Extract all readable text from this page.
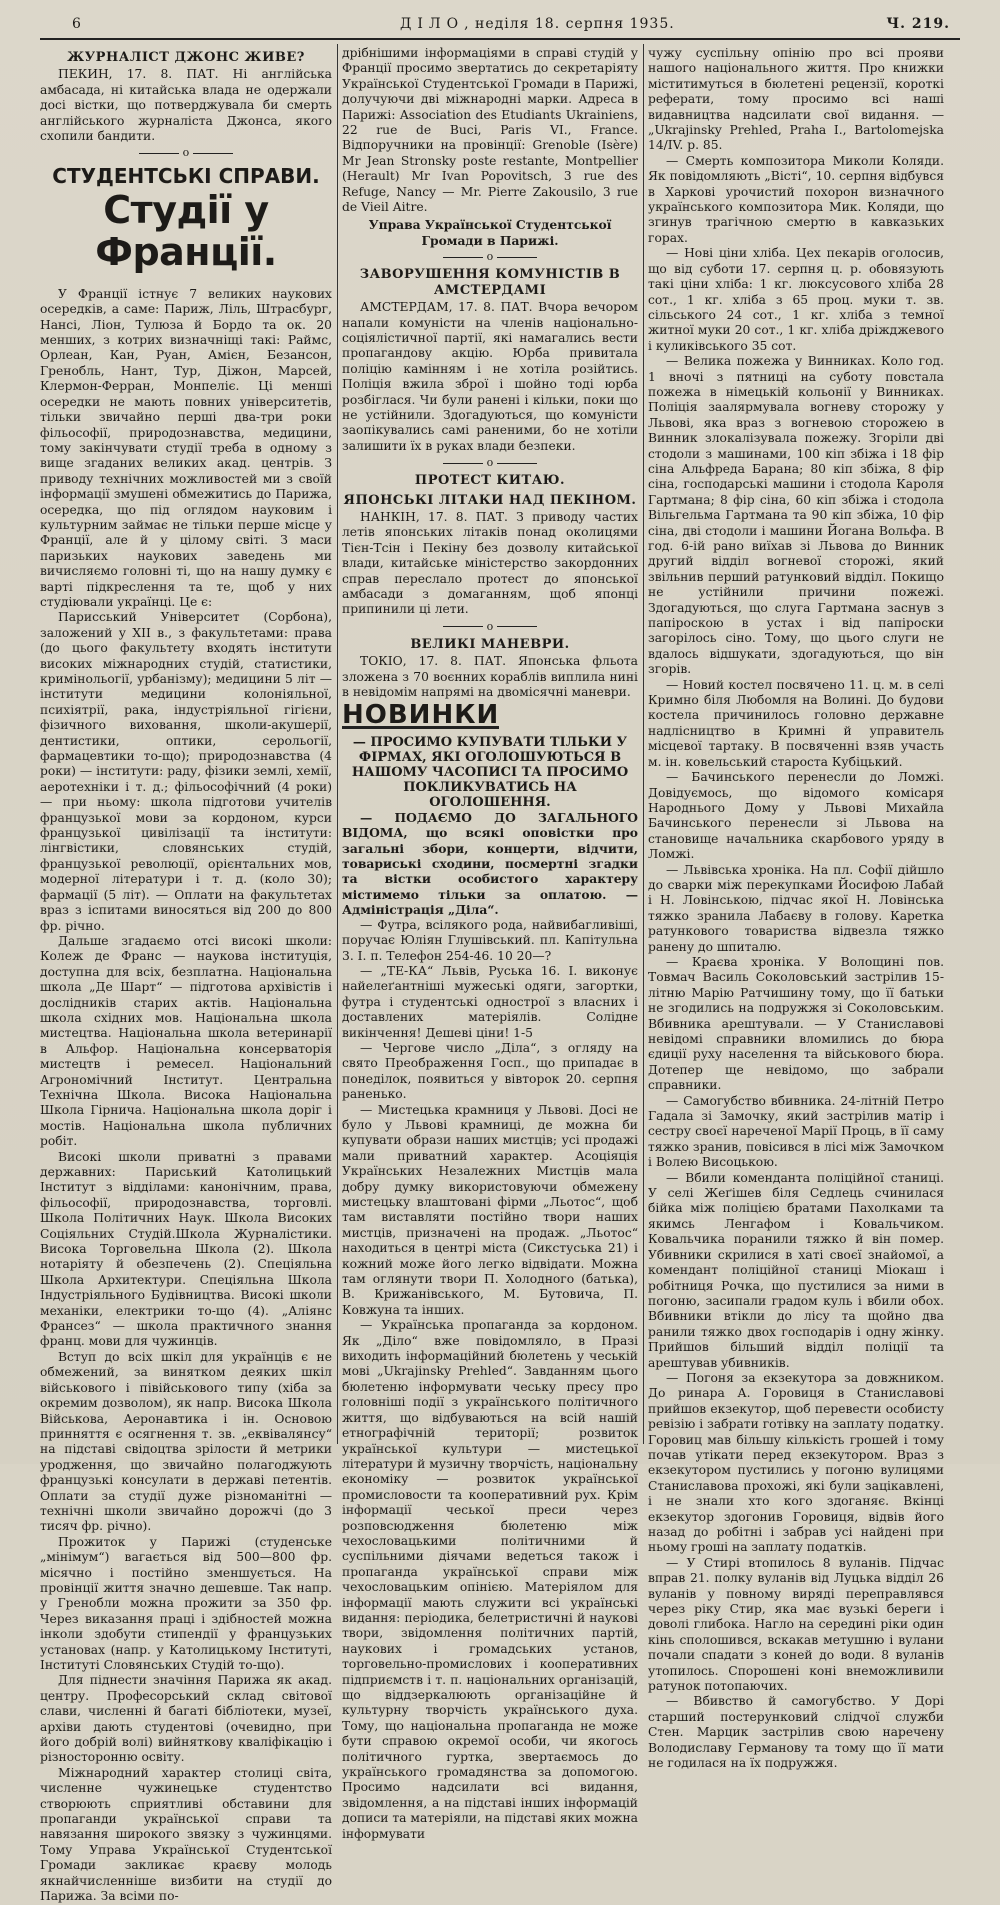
6	ДІЛО, неділя 18. серпня 1935.	Ч. 219.
ЖУРНАЛІСТ ДЖОНС ЖИВЕ?

ПЕКИН, 17. 8. ПАТ. Ні англійська амбасада, ні китайська влада не одержали досі вістки, що потверджувала би смерть англійського журналіста Джонса, якого схопили бандити.

o
СТУДЕНТСЬКІ СПРАВИ.
Студії у Франції.

У Франції істнує 7 великих наукових осередків, а саме: Париж, Ліль, Штрасбург, Нансі, Ліон, Тулюза й Бордо та ок. 20 менших, з котрих визначніщі такі: Раймс, Орлеан, Кан, Руан, Амієн, Безансон, Гренобль, Нант, Тур, Діжон, Марсей, Клермон-Ферран, Монпеліє. Ці менші осередки не мають повних університетів, тільки звичайно перші два-три роки фільософії, природознавства, медицини, тому закінчувати студії треба в одному з вище згаданих великих акад. центрів. З приводу технічних можливостей ми з своїй інформації змушені обмежитись до Парижа, осередка, що під оглядом науковим і культурним займає не тільки перше місце у Франції, але й у цілому світі. З маси паризьких наукових заведень ми вичисляємо головні ті, що на нашу думку є варті підкреслення та те, щоб у них студіювали українці. Це є:

Парисський Університет (Сорбона), заложений у XII в., з факультетами: права (до цього факультету входять інститути високих міжнародних студій, статистики, кримінольогії, урбанізму); медицини 5 літ — інститути медицини колоніяльної, психіятрії, рака, індустріяльної гігієни, фізичного виховання, школи-акушерії, дентистики, оптики, серольогії, фармацевтики то-що); природознавства (4 роки) — інститути: раду, фізики землі, хемії, аеротехніки і т. д.; фільософічний (4 роки) — при ньому: школа підготови учителів французької мови за кордоном, курси французької цивілізації та інститути: лінгвістики, словянських студій, французької революції, орієнтальних мов, модерної літератури і т. д. (коло 30); фармації (5 літ). — Оплати на факультетах враз з іспитами виносяться від 200 до 800 фр. річно.

Дальше згадаємо отсі високі школи: Колеж де Франс — наукова інституція, доступна для всіх, безплатна. Національна школа „Де Шарт“ — підготова архівістів і дослідників старих актів. Національна школа східних мов. Національна школа мистецтва. Національна школа ветеринарії в Альфор. Національна консерваторія мистецтв і ремесел. Національний Агрономічний Інститут. Центральна Технічна Школа. Висока Національна Школа Гірнича. Національна школа доріг і мостів. Національна школа публичних робіт.

Високі школи приватні з правами державних: Париський Католицький Інститут з відділами: канонічним, права, фільософії, природознавства, торговлі. Школа Політичних Наук. Школа Високих Соціяльних Студій.Школа Журналістики. Висока Торговельна Школа (2). Школа нотаріяту й обезпечень (2). Спеціяльна Школа Архитектури. Спеціяльна Школа Індустріяльного Будівництва. Високі школи механіки, електрики то-що (4). „Аліянс Франсез“ — школа практичного знання франц. мови для чужинців.

Вступ до всіх шкіл для українців є не обмежений, за винятком деяких шкіл військового і півійськового типу (хіба за окремим дозволом), як напр. Висока Школа Військова, Аеронавтика і ін. Основою принняття є осягнення т. зв. „еквівалянсу“ на підставі свідоцтва зрілости й метрики уродження, що звичайно полагоджують французькі консулати в державі петентів. Оплати за студії дуже різноманітні — технічні школи звичайно дорожчі (до 3 тисяч фр. річно).

Прожиток у Парижі (студенське „мінімум“) вагається від 500—800 фр. місячно і постійно зменшується. На провінції життя значно дешевше. Так напр. у Гренобли можна прожити за 350 фр. Через виказання праці і здібностей можна інколи здобути стипендії у французьких установах (напр. у Католицькому Інституті, Інституті Словянських Студій то-що).

Для піднести значіння Парижа як акад. центру. Професорський склад світової слави, численні й багаті бібліотеки, музеї, архіви дають студентові (очевидно, при його добрій волі) вийняткову кваліфікацію і різносторонню освіту.

Міжнародний характер столиці світа, численне чужинецьке студентство створюють сприятливі обставини для пропаганди української справи та навязання широкого звязку з чужинцями. Тому Управа Української Студентської Громади закликає краєву молодь якнайчисленніше визбити на студії до Парижа. За всіми по-

дрібнішими інформаціями в справі студій у Франції просимо звертатись до секретаріяту Української Студентської Громади в Парижі, долучуючи дві міжнародні марки. Адреса в Парижі: Association des Etudiants Ukrainiens, 22 rue de Buci, Paris VI., France. Відпоручники на провінції: Grenoble (Isère) Mr Jean Stronsky poste restante, Montpellier (Herault) Mr Ivan Popovitsch, 3 rue des Refuge, Nancy — Mr. Pierre Zakousilo, 3 rue de Vieil Aitre.

Управа Української Студентської Громади в Парижі.
o
ЗАВОРУШЕННЯ КОМУНІСТІВ В АМСТЕРДАМІ

АМСТЕРДАМ, 17. 8. ПАТ. Вчора вечором напали комуністи на членів національно-соціялістичної партії, які намагались вести пропагандову акцію. Юрба привитала поліцію камінням і не хотіла розійтись. Поліція вжила зброї і шойно тоді юрба розбіглася. Чи були ранені і кільки, поки що не устійнили. Здогадуються, що комуністи заопікувались самі раненими, бо не хотіли залишити їх в руках влади безпеки.

o
ПРОТЕСТ КИТАЮ.
ЯПОНСЬКІ ЛІТАКИ НАД ПЕКІНОМ.

НАНКІН, 17. 8. ПАТ. З приводу частих летів японських літаків понад околицями Тієн-Тсін і Пекіну без дозволу китайської влади, китайське міністерство закордонних справ переслало протест до японської амбасади з домаганням, щоб японці припинили ці лети.

o
ВЕЛИКІ МАНЕВРИ.

ТОКІО, 17. 8. ПАТ. Японська фльота зложена з 70 воєнних кораблів виплила нині в невідомім напрямі на двомісячні маневри.

НОВИНКИ
— ПРОСИМО КУПУВАТИ ТІЛЬКИ У ФІРМАХ, ЯКІ ОГОЛОШУЮТЬСЯ В НАШОМУ ЧАСОПИСІ ТА ПРОСИМО ПОКЛИКУВАТИСЬ НА ОГОЛОШЕННЯ.

— ПОДАЄМО ДО ЗАГАЛЬНОГО ВІДОМА, що всякі оповістки про загальні збори, концерти, відчити, товариські сходини, посмертні згадки та вістки особистого характеру містимемо тільки за оплатою. — Адміністрація „Діла“.

— Футра, всілякого рода, найвибагливіші, поручає Юліян Глушівський. пл. Капітульна 3. І. п. Телефон 254-46. 10 20—?

— „ТЕ-КА“ Львів, Руська 16. І. виконує найелеґантніші мужеські одяги, загортки, футра і студентські однострої з власних і доставлених матеріялів. Солідне викінчення! Дешеві ціни! 1-5

— Чергове число „Діла“, з огляду на свято Преображення Госп., що припадає в понеділок, появиться у вівторок 20. серпня раненько.

— Мистецька крамниця у Львові. Досі не було у Львові крамниці, де можна би купувати образи наших мистців; усі продажі мали приватний характер. Асоціяція Українських Незалежних Мистців мала добру думку використовуючи обмежену мистецьку влаштовані фірми „Льотос“, щоб там виставляти постійно твори наших мистців, призначені на продаж. „Льотос“ находиться в центрі міста (Сикстуська 21) і кожний може його легко відвідати. Можна там оглянути твори П. Холодного (батька), В. Крижанівського, М. Бутовича, П. Ковжуна та інших.

— Українська пропаганда за кордоном. Як „Діло“ вже повідомляло, в Празі виходить інформаційний бюлетень у чеській мові „Ukrajinsky Prehled“. Завданням цього бюлетеню інформувати чеську пресу про головніші події з українського політичного життя, що відбуваються на всій нашій етнографічній території; розвиток української культури — мистецької літератури й музичну творчість, національну економіку — розвиток української промисловости та кооперативний рух. Крім інформації чеської преси через розповсюдження бюлетеню між чехословацькими політичними й суспільними діячами ведеться також і пропаганда української справи між чехословацьким опінією. Матеріялом для інформації мають служити всі українські видання: періодика, белетристичні й наукові твори, звідомлення політичних партій, наукових і громадських установ, торговельно-промислових і кооперативних підприємств і т. п. національних організацій, що віддзеркалюють організаційне й культурну творчість українського духа. Тому, що національна пропаганда не може бути справою окремої особи, чи якогось політичного гуртка, звертаємось до українського громадянства за допомогою. Просимо надсилати всі видання, звідомлення, а на підставі інших інформацій дописи та матеріяли, на підставі яких можна інформувати

чужу суспільну опінію про всі прояви нашого національного життя. Про книжки міститимуться в бюлетені рецензії, короткі реферати, тому просимо всі наші видавництва надсилати свої видання. — „Ukrajinsky Prehled, Praha I., Bartolomejska 14/IV. p. 85.

— Смерть композитора Миколи Коляди. Як повідомляють „Вісті“, 10. серпня відбувся в Харкові урочистий похорон визначного українського композитора Мик. Коляди, що згинув трагічною смертю в кавказьких горах.

— Нові ціни хліба. Цех пекарів оголосив, що від суботи 17. серпня ц. р. обовязують такі ціни хліба: 1 кг. люксусового хліба 28 сот., 1 кг. хліба з 65 проц. муки т. зв. сільського 24 сот., 1 кг. хліба з темної житної муки 20 сот., 1 кг. хліба дріжджевого і куликівського 35 сот.

— Велика пожежа у Винниках. Коло год. 1 вночі з пятниці на суботу повстала пожежа в німецькій кольонії у Винниках. Поліція заалярмувала вогневу сторожу у Львові, яка враз з вогневою сторожею в Винник злокалізувала пожежу. Згоріли дві стодоли з машинами, 100 кіп збіжа і 18 фір сіна Альфреда Барана; 80 кіп збіжа, 8 фір сіна, господарські машини і стодола Кароля Гартмана; 8 фір сіна, 60 кіп збіжа і стодола Вільгельма Гартмана та 90 кіп збіжа, 10 фір сіна, дві стодоли і машини Йогана Вольфа. В год. 6-ій рано виїхав зі Львова до Винник другий відділ вогневої сторожі, який звільнив перший ратунковий відділ. Покищо не устійнили причини пожежі. Здогадуються, що слуга Гартмана заснув з папіроскою в устах і від папіроски загорілось сіно. Тому, що цього слуги не вдалось відшукати, здогадуються, що він згорів.

— Новий костел посвячено 11. ц. м. в селі Кримно біля Любомля на Волині. До будови костела причинилось головно державне надлісництво в Кримні й управитель місцевої тартаку. В посвяченні взяв участь м. ін. ковельський староста Кубіцький.

— Бачинського перенесли до Ломжі. Довідуємось, що відомого комісаря Народнього Дому у Львові Михайла Бачинського перенесли зі Львова на становище начальника скарбового уряду в Ломжі.

— Львівська хроніка. На пл. Софії дійшло до сварки між перекупками Йосифою Лабай і Н. Ловінською, підчас якої Н. Ловінська тяжко зранила Лабаєву в голову. Каретка ратункового товариства відвезла тяжко ранену до шпиталю.

— Краєва хроніка. У Волощині пов. Товмач Василь Соколовський застрілив 15-літню Марію Ратчишину тому, що її батьки не згодились на подружжя зі Соколовським. Вбивника арештували. — У Станиславові невідомі справники вломились до бюра єдиції руху населення та військового бюра. Дотепер ще невідомо, що забрали справники.

— Самогубство вбивника. 24-літній Петро Гадала зі Замочку, який застрілив матір і сестру своєї нареченої Марії Проць, в її саму тяжко зранив, повісився в лісі між Замочком і Волею Висоцькою.

— Вбили коменданта поліційної станиці. У селі Жеґішев біля Седлець счинилася бійка між поліцією братами Пахолками та якимсь Ленгафом і Ковальчиком. Ковальчика поранили тяжко й він помер. Убивники скрилися в хаті своєї знайомої, а комендант поліційної станиці Міокаш і робітниця Рочка, що пустилися за ними в погоню, засипали градом куль і вбили обох. Вбивники втікли до лісу та щойно два ранили тяжко двох господарів і одну жінку. Прийшов більший відділ поліції та арештував убивників.

— Погоня за екзекутора за довжником. До ринара А. Горовиця в Станиславові прийшов екзекутор, щоб перевести особисту ревізію і забрати готівку на заплату податку. Горовиц мав більшу кількість грошей і тому почав утікати перед екзекутором. Враз з екзекутором пустились у погоню вулицями Станиславова прохожі, які були зацікавлені, і не знали хто кого здоганяє. Вкінці екзекутор здогонив Горовиця, відвів його назад до робітні і забрав усі найдені при ньому гроші на заплату податків.

— У Стирі втопилось 8 вуланів. Підчас вправ 21. полку вуланів від Луцька відділ 26 вуланів у повному виряді переправлявся через ріку Стир, яка має вузькі береги і доволі глибока. Нагло на середині ріки один кінь сполошився, вскакав метушню і вулани почали спадати з коней до води. 8 вуланів утопилось. Спорошені коні внеможливили ратунок потопаючих.

— Вбивство й самогубство. У Дорі старший постерунковий слідчої служби Стен. Марцик застрілив свою наречену Володиславу Германову та тому що її мати не годилася на їх подружжя.
